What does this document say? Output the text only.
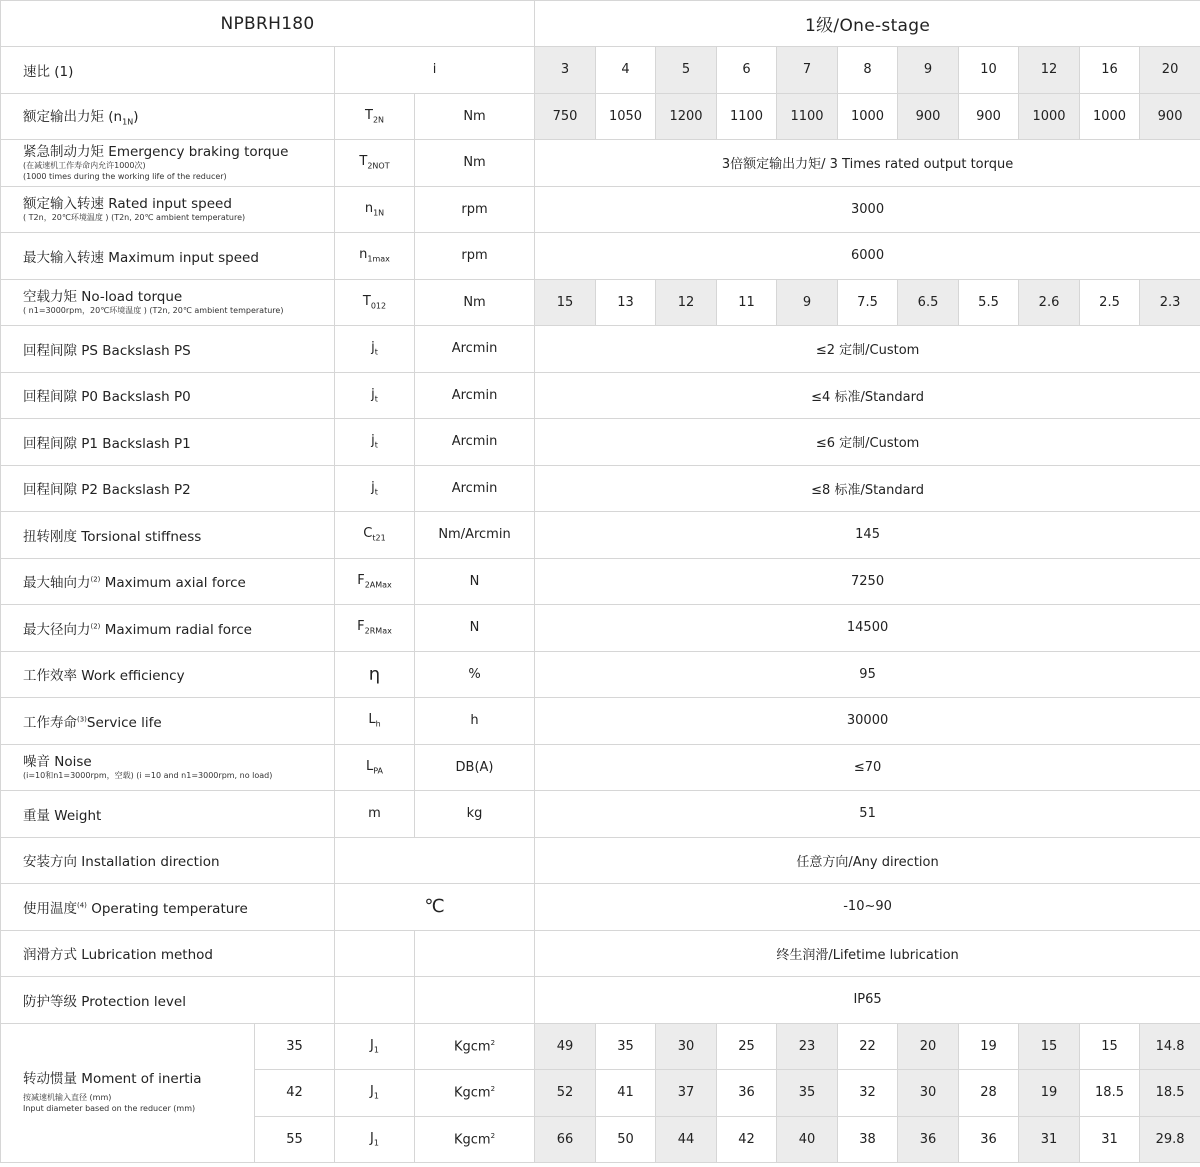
NPBRH180				1级/One-stage										
速比 (1)		i		3	4	5	6	7	8	9	10	12	16	20
额定输出力矩 $(n_{1N})$		$T_{2N}$	Nm	750	1050	1200	1100	1100	1000	900	900	1000	1000	900

紧急制动力矩 Emergency braking torque
(在减速机工作寿命内允许1000次)
(1000 times during the working life of the reducer)		$T_{2NOT}$	Nm	3倍额定输出力矩/ 3 Times rated output torque										

额定输入转速 Rated input speed
( T2n，20℃环境温度 ) (T2n, 20℃ ambient temperature)		$n_{1N}$	rpm	3000										
最大输入转速 Maximum input speed		$n_{1max}$	rpm	6000										

空载力矩 No-load torque
( n1=3000rpm，20℃环境温度 ) (T2n, 20℃ ambient temperature)		$T_{012}$	Nm	15	13	12	11	9	7.5	6.5	5.5	2.6	2.5	2.3
回程间隙 PS Backslash PS		$j_t$	Arcmin	≤2 定制/Custom										
回程间隙 P0 Backslash P0		$j_t$	Arcmin	≤4 标准/Standard										
回程间隙 P1 Backslash P1		$j_t$	Arcmin	≤6 定制/Custom										
回程间隙 P2 Backslash P2		$j_t$	Arcmin	≤8 标准/Standard										
扭转刚度 Torsional stiffness		$C_{t21}$	Nm/Arcmin	145										
最大轴向力$^{(2)}$ Maximum axial force		$F_{2AMax}$	N	7250										
最大径向力$^{(2)}$ Maximum radial force		$F_{2RMax}$	N	14500										
工作效率 Work efficiency		η	%	95										
工作寿命$^{(3)}$Service life		$L_h$	h	30000										

噪音 Noise
(i=10和n1=3000rpm，空载) (i =10 and n1=3000rpm, no load)		$L_{PA}$	DB(A)	≤70										
重量 Weight		m	kg	51										
安装方向 Installation direction				任意方向/Any direction										
使用温度$^{(4)}$ Operating temperature		℃		-10~90										
润滑方式 Lubrication method				终生润滑/Lifetime lubrication										
防护等级 Protection level				IP65										

转动惯量 Moment of inertia
按减速机输入直径 (mm)
Input diameter based on the reducer (mm)	35	$J_1$	Kgcm$^2$	49	35	30	25	23	22	20	19	15	15	14.8
	42	$J_1$	Kgcm$^2$	52	41	37	36	35	32	30	28	19	18.5	18.5
	55	$J_1$	Kgcm$^2$	66	50	44	42	40	38	36	36	31	31	29.8
